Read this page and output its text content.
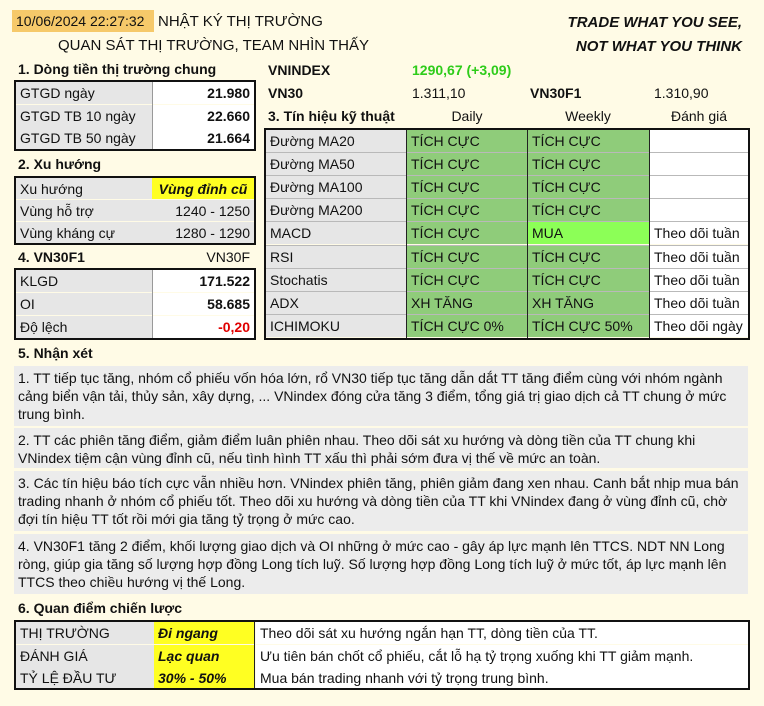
10/06/2024 22:27:32 NHẬT KÝ THỊ TRƯỜNG
QUAN SÁT THỊ TRƯỜNG, TEAM NHÌN THẤY
TRADE WHAT YOU SEE,
NOT WHAT YOU THINK
1. Dòng tiền thị trường chung
GTGD ngày	21.980
GTGD TB 10 ngày	22.660
GTGD TB 50 ngày	21.664
2. Xu hướng
Xu hướng	Vùng đỉnh cũ
Vùng hỗ trợ	1240 - 1250
Vùng kháng cự	1280 - 1290
4. VN30F1	VN30F
KLGD	171.522
OI	58.685
Độ lệch	-0,20
VNINDEX	1290,67 (+3,09)
VN30	1.311,10	VN30F1	1.310,90
3. Tín hiệu kỹ thuật	Daily	Weekly	Đánh giá
Đường MA20	TÍCH CỰC	TÍCH CỰC
Đường MA50	TÍCH CỰC	TÍCH CỰC
Đường MA100	TÍCH CỰC	TÍCH CỰC
Đường MA200	TÍCH CỰC	TÍCH CỰC
MACD	TÍCH CỰC	MUA	Theo dõi tuần
RSI	TÍCH CỰC	TÍCH CỰC	Theo dõi tuần
Stochatis	TÍCH CỰC	TÍCH CỰC	Theo dõi tuần
ADX	XH TĂNG	XH TĂNG	Theo dõi tuần
ICHIMOKU	TÍCH CỰC 0%	TÍCH CỰC 50%	Theo dõi ngày
5. Nhận xét
1. TT tiếp tục tăng, nhóm cổ phiếu vốn hóa lớn, rổ VN30 tiếp tục tăng dẫn dắt TT tăng điểm cùng với nhóm ngành cảng biển vận tải, thủy sản, xây dựng, ... VNindex đóng cửa tăng 3 điểm, tổng giá trị giao dịch cả TT chung ở mức trung bình.
2. TT các phiên tăng điểm, giảm điểm luân phiên nhau. Theo dõi sát xu hướng và dòng tiền của TT chung khi VNindex tiệm cận vùng đỉnh cũ, nếu tình hình TT xấu thì phải sớm đưa vị thế về mức an toàn.
3. Các tín hiệu báo tích cực vẫn nhiều hơn. VNindex phiên tăng, phiên giảm đang xen nhau. Canh bắt nhịp mua bán trading nhanh ở nhóm cổ phiếu tốt. Theo dõi xu hướng và dòng tiền của TT khi VNindex đang ở vùng đỉnh cũ, chờ đợi tín hiệu TT tốt rồi mới gia tăng tỷ trọng ở mức cao.
4. VN30F1 tăng 2 điểm, khối lượng giao dịch và OI những ở mức cao - gây áp lực mạnh lên TTCS. NDT NN Long ròng, giúp gia tăng số lượng hợp đồng Long tích luỹ. Số lượng hợp đồng Long tích luỹ ở mức tốt, áp lực mạnh lên TTCS theo chiều hướng vị thế Long.
6. Quan điểm chiến lược
THỊ TRƯỜNG	Đi ngang	Theo dõi sát xu hướng ngắn hạn TT, dòng tiền của TT.
ĐÁNH GIÁ	Lạc quan	Ưu tiên bán chốt cổ phiếu, cắt lỗ hạ tỷ trọng xuống khi TT giảm mạnh.
TỶ LỆ ĐẦU TƯ	30% - 50%	Mua bán trading nhanh với tỷ trọng trung bình.
